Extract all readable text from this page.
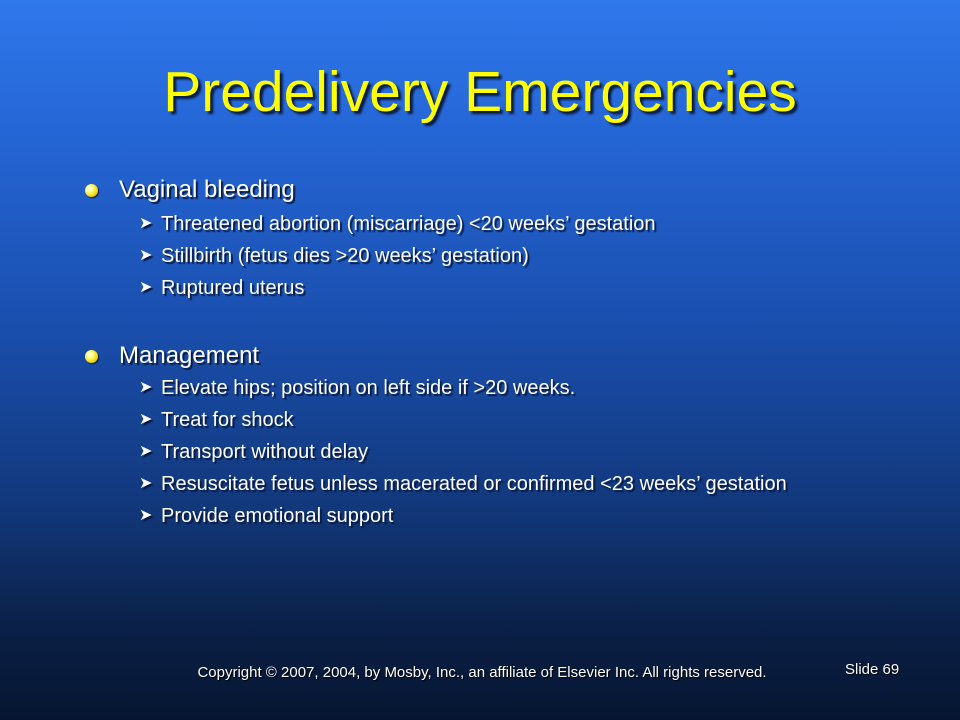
Predelivery Emergencies
Vaginal bleeding
➤ Threatened abortion (miscarriage) <20 weeks’ gestation
➤ Stillbirth (fetus dies >20 weeks’ gestation)
➤ Ruptured uterus
Management
➤ Elevate hips; position on left side if >20 weeks.
➤ Treat for shock
➤ Transport without delay
➤ Resuscitate fetus unless macerated or confirmed <23 weeks’ gestation
➤ Provide emotional support
Copyright © 2007, 2004, by Mosby, Inc., an affiliate of Elsevier Inc. All rights reserved.	Slide 69
